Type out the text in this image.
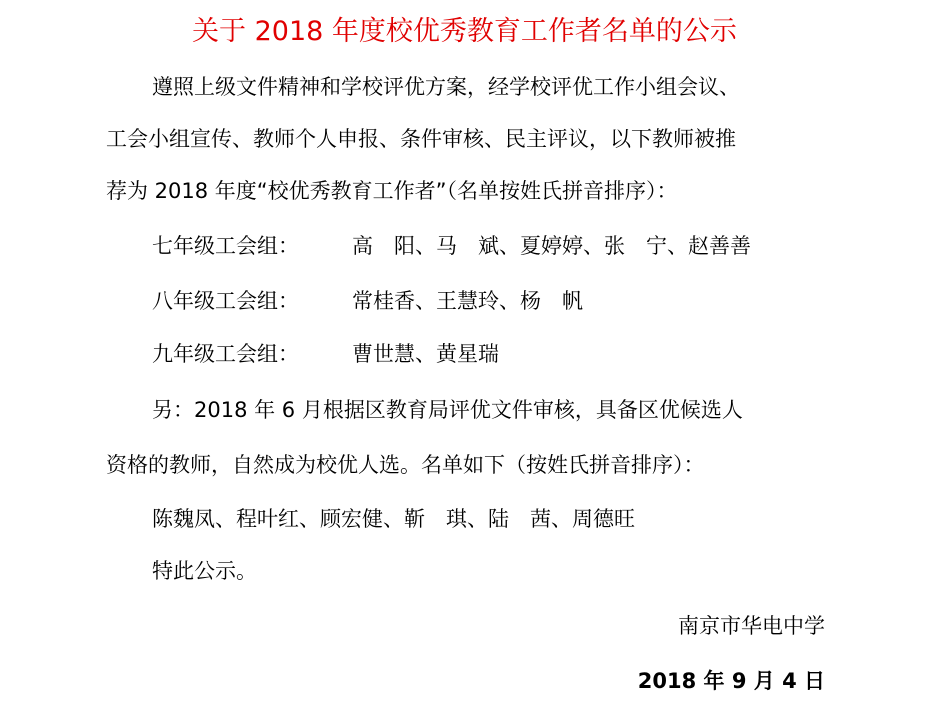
关于 2018 年度校优秀教育工作者名单的公示
遵照上级文件精神和学校评优方案，经学校评优工作小组会议、
工会小组宣传、教师个人申报、条件审核、民主评议，以下教师被推
荐为 2018 年度“校优秀教育工作者”（名单按姓氏拼音排序）：
七年级工会组：	高　阳、马　斌、夏婷婷、张　宁、赵善善
八年级工会组：	常桂香、王慧玲、杨　帆
九年级工会组：	曹世慧、黄星瑞
另：2018 年 6 月根据区教育局评优文件审核，具备区优候选人
资格的教师，自然成为校优人选。名单如下（按姓氏拼音排序）：
陈魏凤、程叶红、顾宏健、靳　琪、陆　茜、周德旺
特此公示。
南京市华电中学
2018 年 9 月 4 日
